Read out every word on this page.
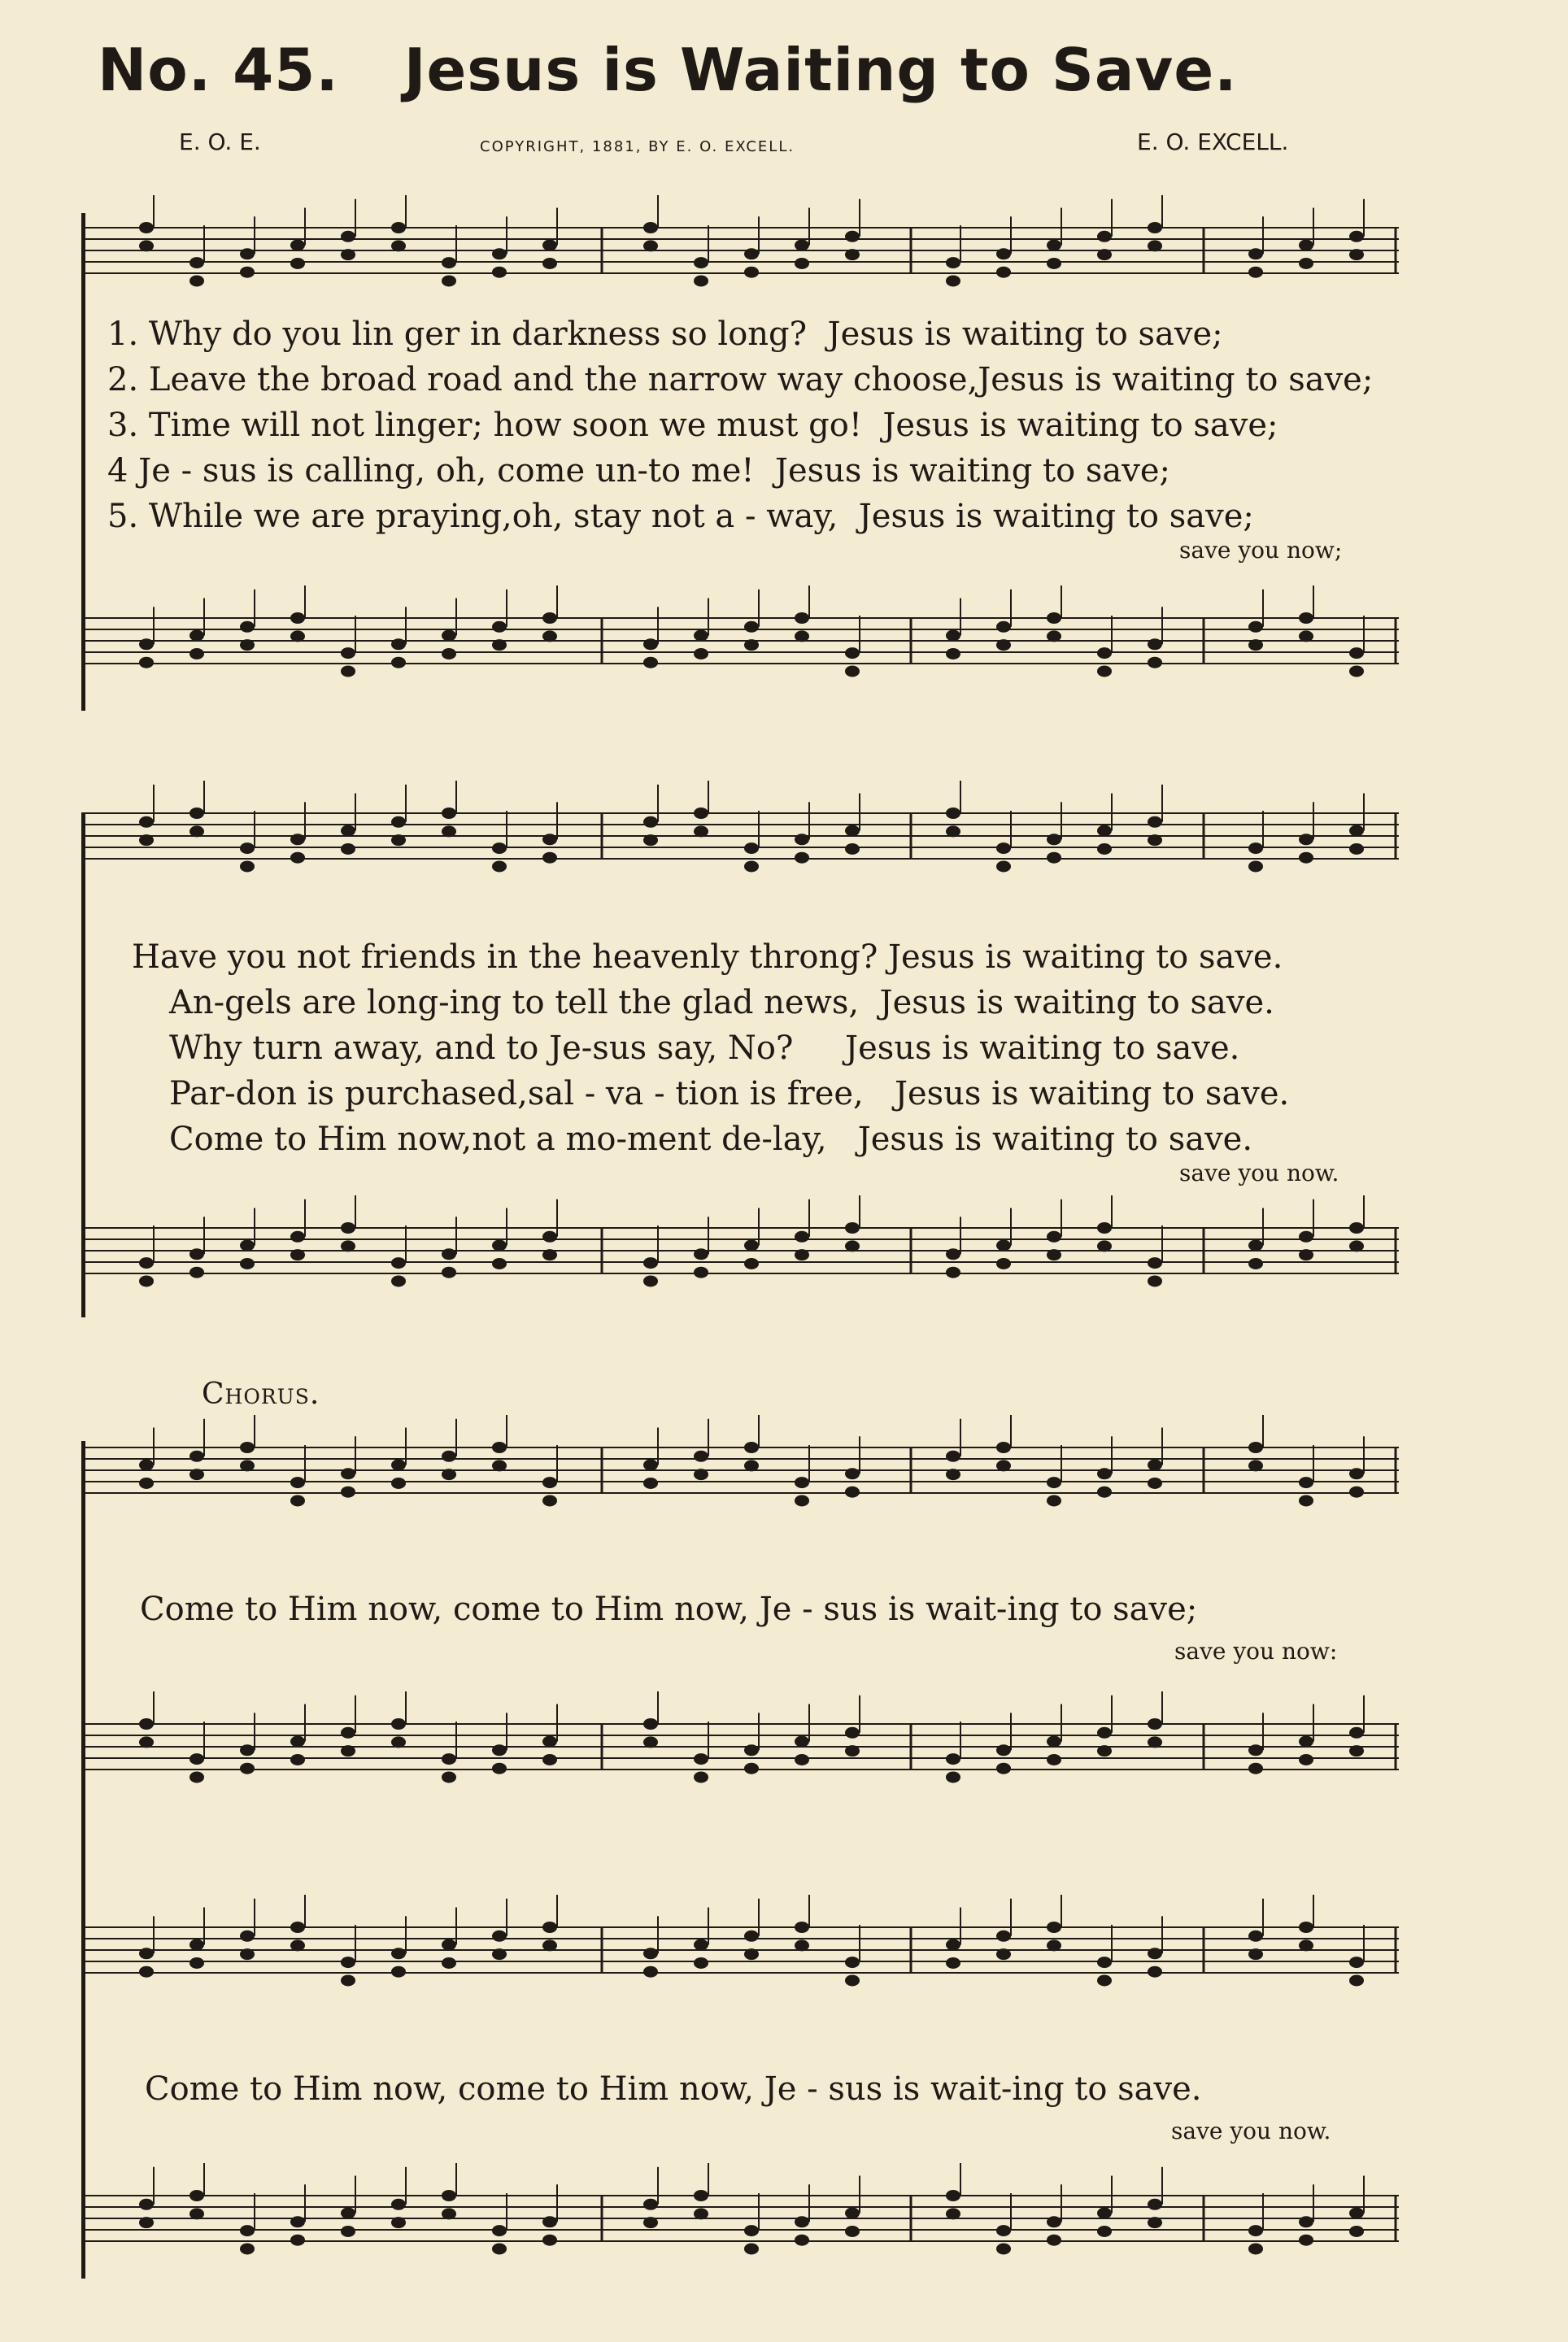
No. 45. Jesus is Waiting to Save.
E. O. E.	COPYRIGHT, 1881, BY E. O. EXCELL.	E. O. EXCELL.
1. Why do you lin ger in darkness so long? Jesus is waiting to save;
2. Leave the broad road and the narrow way choose,Jesus is waiting to save;
3. Time will not linger; how soon we must go! Jesus is waiting to save;
4 Je - sus is calling, oh, come un-to me! Jesus is waiting to save;
5. While we are praying,oh, stay not a - way, Jesus is waiting to save;
save you now;
Have you not friends in the heavenly throng? Jesus is waiting to save.
An-gels are long-ing to tell the glad news, Jesus is waiting to save.
Why turn away, and to Je-sus say, No? Jesus is waiting to save.
Par-don is purchased,sal - va - tion is free, Jesus is waiting to save.
Come to Him now,not a mo-ment de-lay, Jesus is waiting to save.
save you now.
Chorus.
Come to Him now, come to Him now, Je - sus is wait-ing to save;
save you now:
Come to Him now, come to Him now, Je - sus is wait-ing to save.
save you now.
